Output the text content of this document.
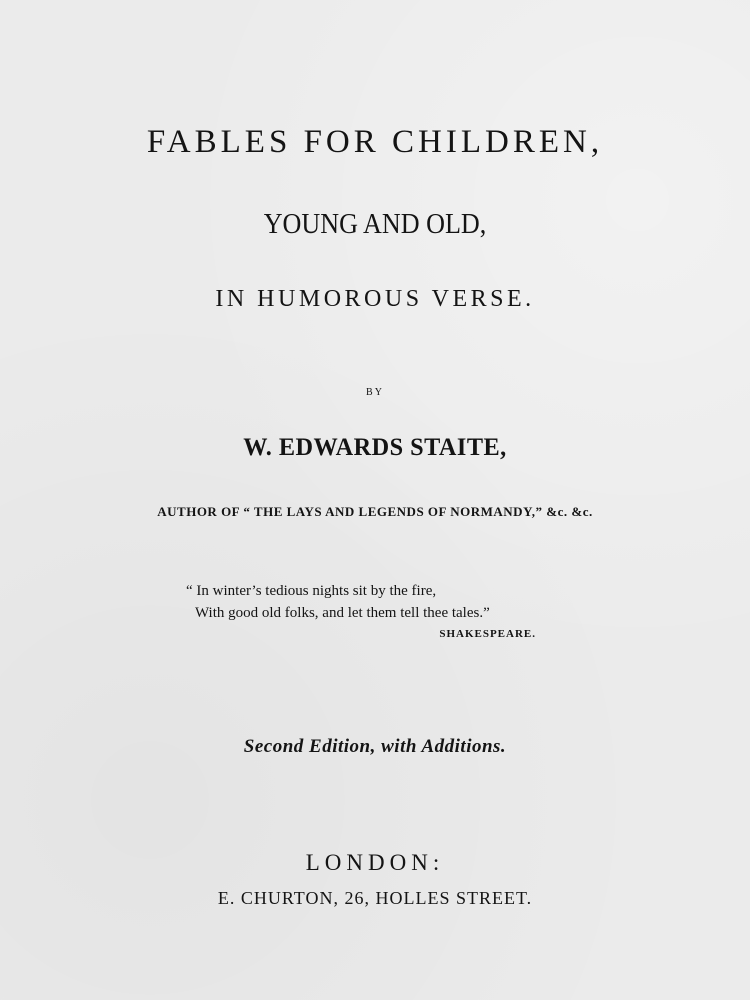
FABLES FOR CHILDREN,
YOUNG AND OLD,
IN HUMOROUS VERSE.
BY
W. EDWARDS STAITE,
AUTHOR OF “ THE LAYS AND LEGENDS OF NORMANDY,” &c. &c.
“ In winter’s tedious nights sit by the fire,
With good old folks, and let them tell thee tales.”
SHAKESPEARE.
Second Edition, with Additions.
LONDON:
E. CHURTON, 26, HOLLES STREET.
